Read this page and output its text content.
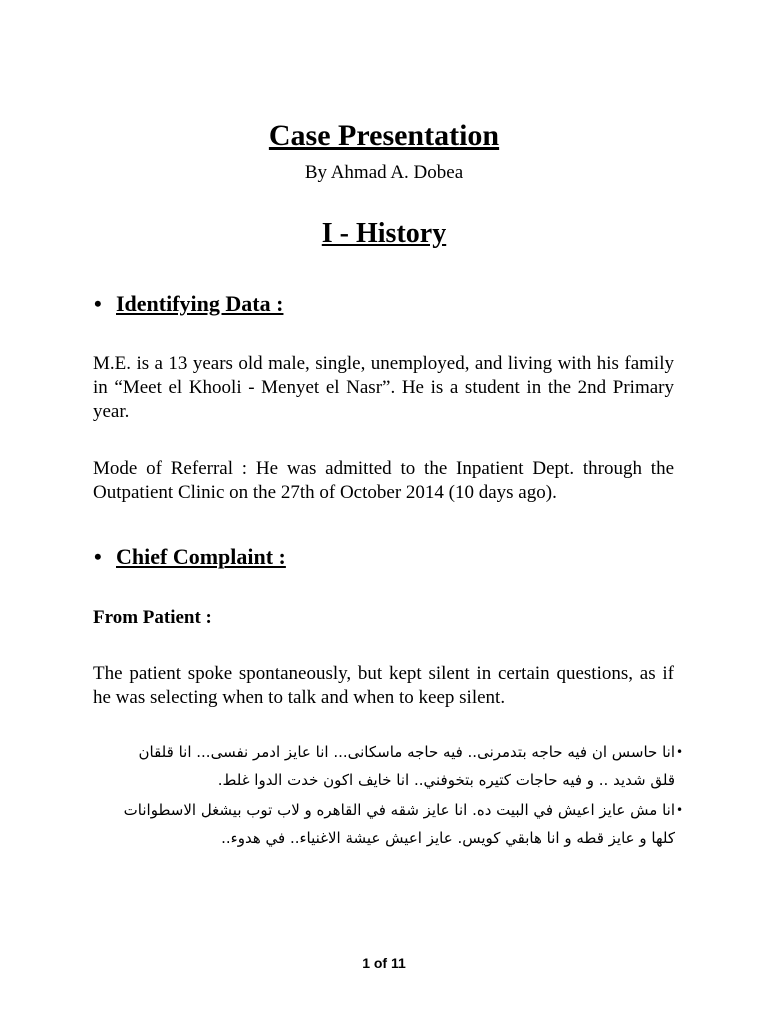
Case Presentation
By Ahmad A. Dobea
I - History
• Identifying Data :
M.E. is a 13 years old male, single, unemployed, and living with his family in “Meet el Khooli - Menyet el Nasr”. He is a student in the 2nd Primary year.
Mode of Referral : He was admitted to the Inpatient Dept. through the Outpatient Clinic on the 27th of October 2014 (10 days ago).
• Chief Complaint :
From Patient :
The patient spoke spontaneously, but kept silent in certain questions, as if he was selecting when to talk and when to keep silent.
•
انا حاسس ان فيه حاجه بتدمرنى.. فيه حاجه ماسكانى... انا عايز ادمر نفسى... انا قلقان قلق شديد .. و فيه حاجات كتيره بتخوفني.. انا خايف اكون خدت الدوا غلط.
•
انا مش عايز اعيش في البيت ده. انا عايز شقه في القاهره و لاب توب بيشغل الاسطوانات كلها و عايز قطه و انا هابقي كويس. عايز اعيش عيشة الاغنياء.. في هدوء..
1 of 11
